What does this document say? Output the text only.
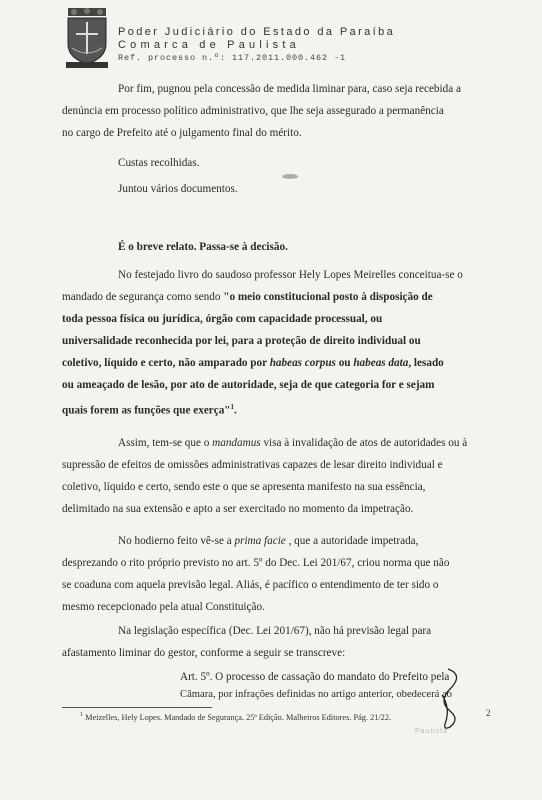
Poder Judiciário do Estado da Paraíba
Comarca de Paulista
Ref. processo n.º: 117.2011.000.462 -1
Por fim, pugnou pela concessão de medida liminar para, caso seja recebida a
denúncia em processo político administrativo, que lhe seja assegurado a permanência
no cargo de Prefeito até o julgamento final do mérito.
Custas recolhidas.
Juntou vários documentos.
É o breve relato. Passa-se à decisão.
No festejado livro do saudoso professor Hely Lopes Meirelles conceitua-se o
mandado de segurança como sendo "o meio constitucional posto à disposição de
toda pessoa física ou jurídica, órgão com capacidade processual, ou
universalidade reconhecida por lei, para a proteção de direito individual ou
coletivo, líquido e certo, não amparado por habeas corpus ou habeas data, lesado
ou ameaçado de lesão, por ato de autoridade, seja de que categoria for e sejam
quais forem as funções que exerça"$^1$.
Assim, tem-se que o mandamus visa à invalidação de atos de autoridades ou à
supressão de efeitos de omissões administrativas capazes de lesar direito individual e
coletivo, líquido e certo, sendo este o que se apresenta manifesto na sua essência,
delimitado na sua extensão e apto a ser exercitado no momento da impetração.
No hodierno feito vê-se a prima facie , que a autoridade impetrada,
desprezando o rito próprio previsto no art. 5º do Dec. Lei 201/67, criou norma que não
se coaduna com aquela previsão legal. Aliás, é pacífico o entendimento de ter sido o
mesmo recepcionado pela atual Constituição.
Na legislação específica (Dec. Lei 201/67), não há previsão legal para
afastamento liminar do gestor, conforme a seguir se transcreve:
Art. 5º. O processo de cassação do mandato do Prefeito pela
Câmara, por infrações definidas no artigo anterior, obedecerá ao
$^1$ Meizelles, Hely Lopes. Mandado de Segurança. 25ª Edição. Malheiros Editores. Pág. 21/22.
Paulista
2
